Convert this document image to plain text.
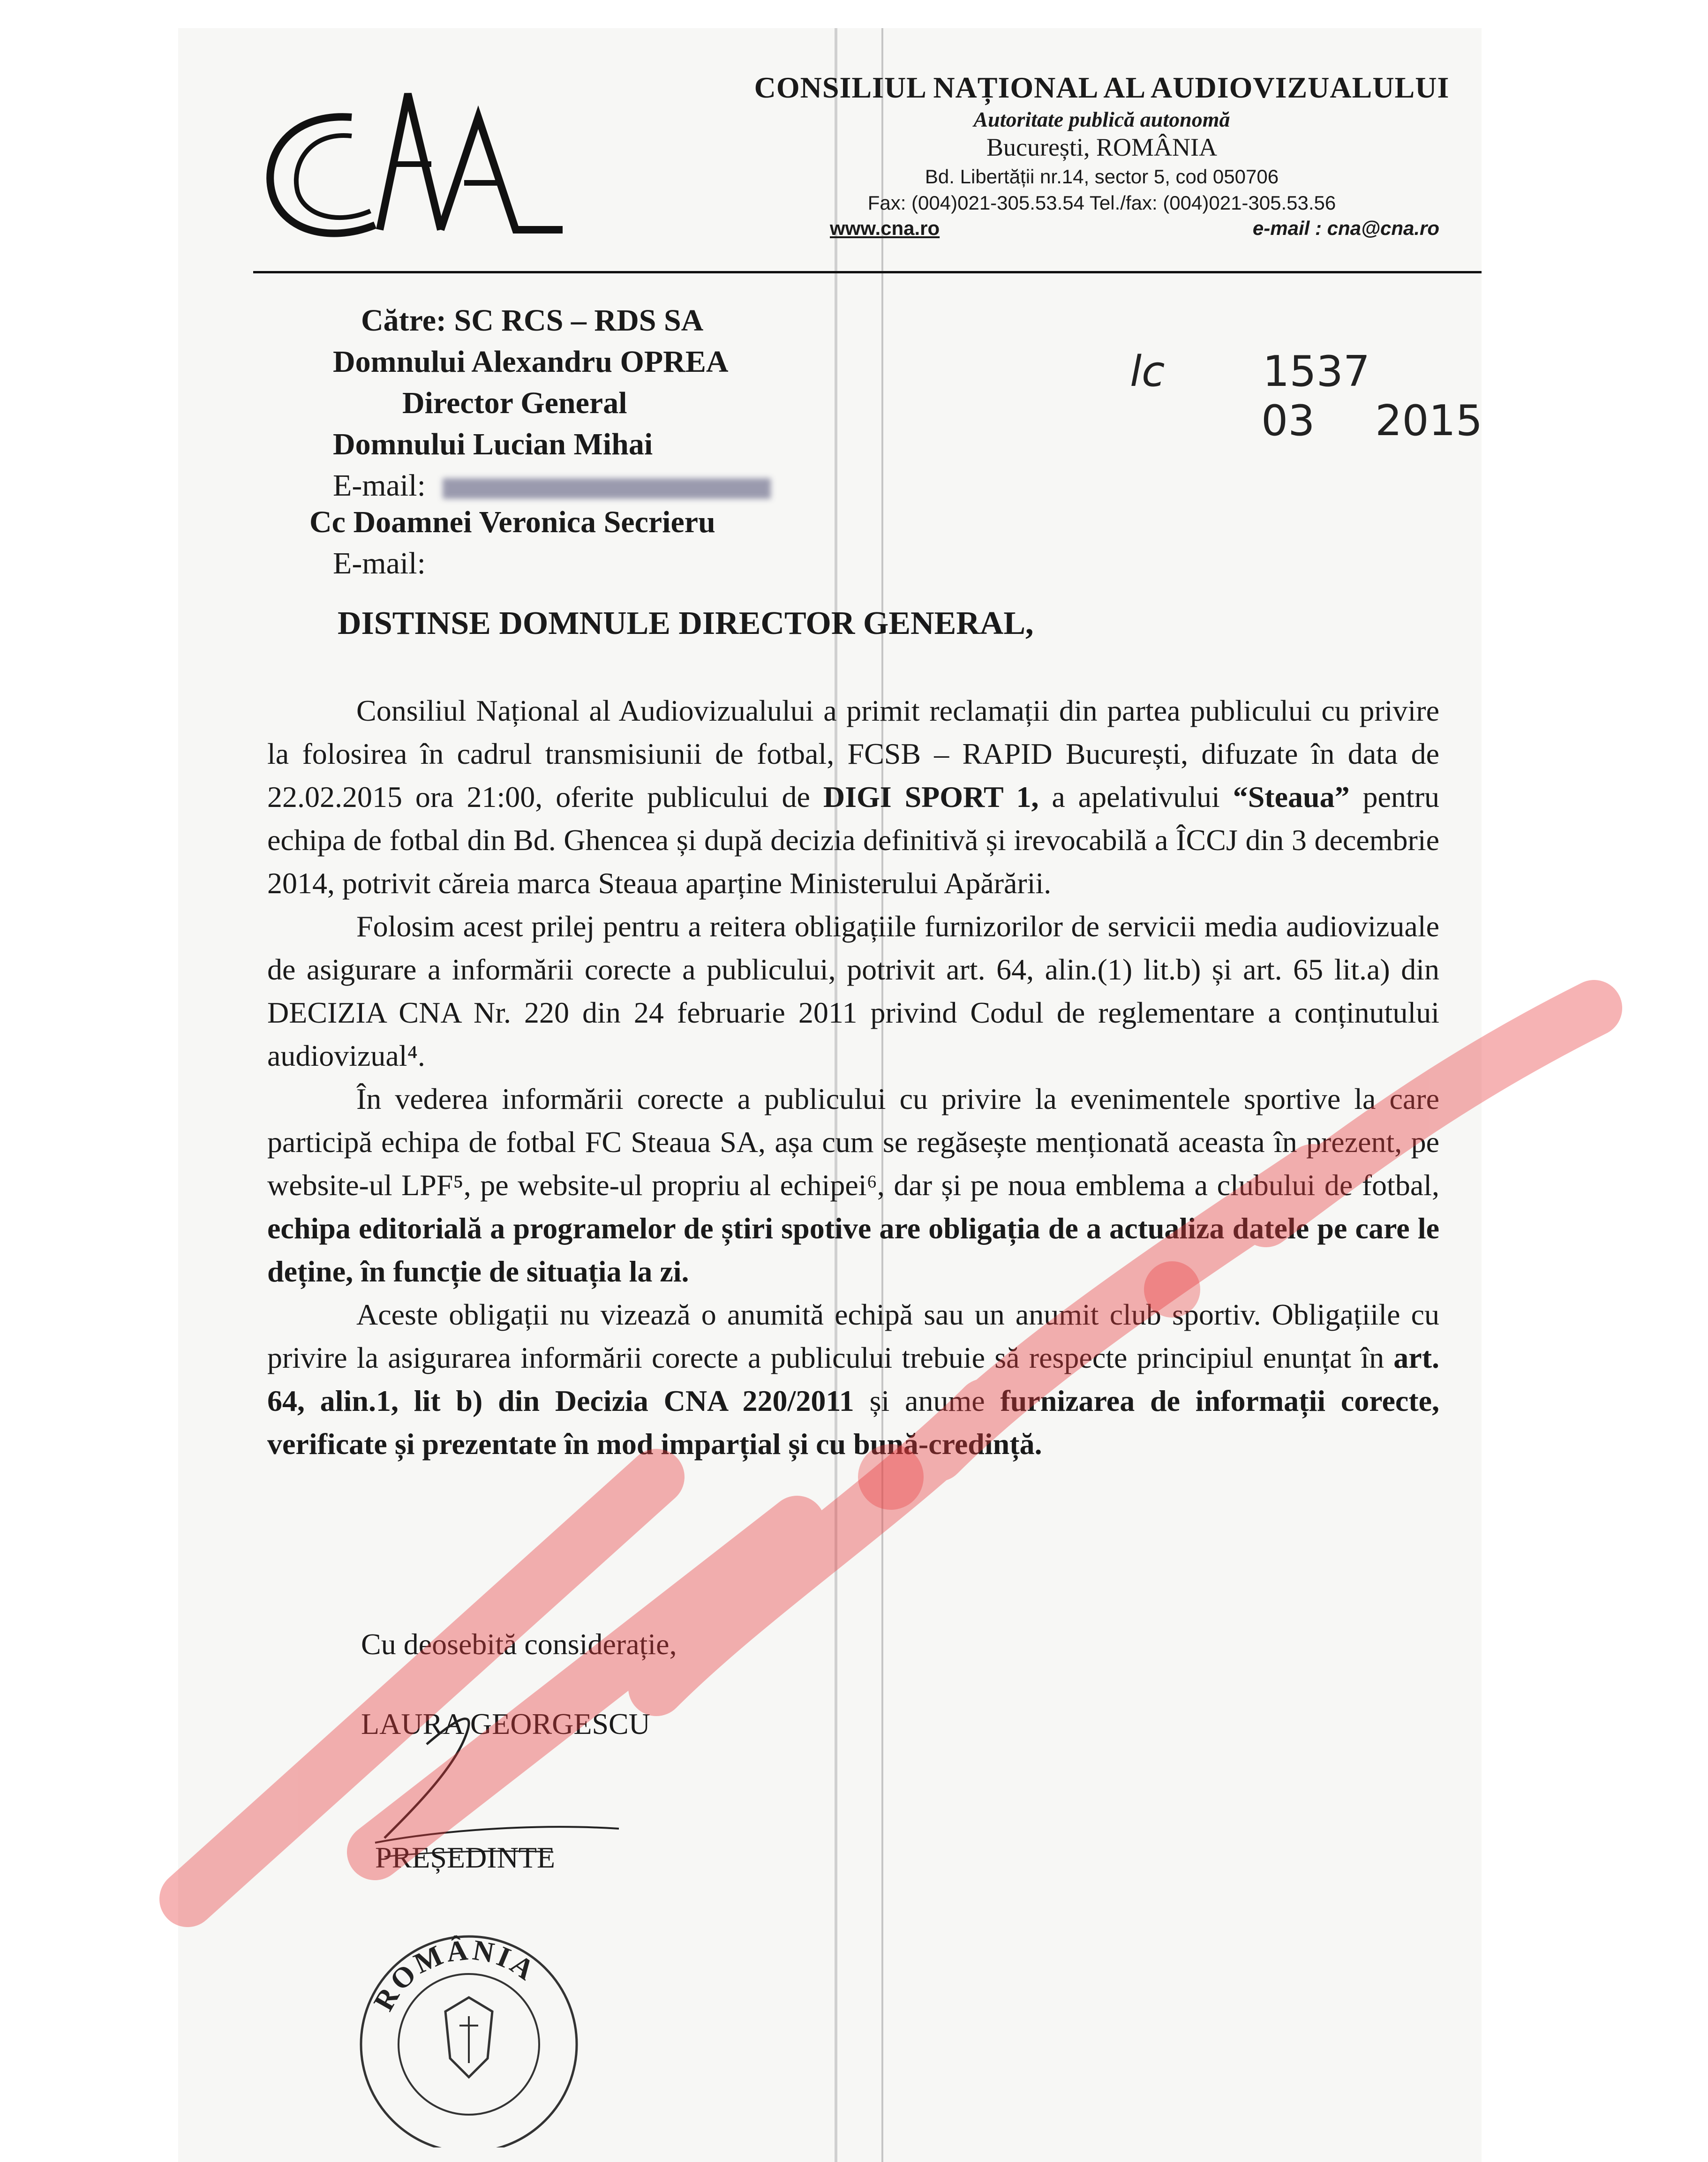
CONSILIUL NAȚIONAL AL AUDIOVIZUALULUI
Autoritate publică autonomă
București, ROMÂNIA
Bd. Libertății nr.14, sector 5, cod 050706
Fax: (004)021-305.53.54 Tel./fax: (004)021-305.53.56
www.cna.ro	e-mail : cna@cna.ro
lc 1537
03 2015
Către: SC RCS – RDS SA
Domnului Alexandru OPREA
Director General
Domnului Lucian Mihai
E-mail:
Cc Doamnei Veronica Secrieru
E-mail:
DISTINSE DOMNULE DIRECTOR GENERAL,

Consiliul Național al Audiovizualului a primit reclamații din partea publicului cu privire la folosirea în cadrul transmisiunii de fotbal, FCSB – RAPID București, difuzate în data de 22.02.2015 ora 21:00, oferite publicului de DIGI SPORT 1, a apelativului “Steaua” pentru echipa de fotbal din Bd. Ghencea și după decizia definitivă și irevocabilă a ÎCCJ din 3 decembrie 2014, potrivit căreia marca Steaua aparține Ministerului Apărării.

Folosim acest prilej pentru a reitera obligațiile furnizorilor de servicii media audiovizuale de asigurare a informării corecte a publicului, potrivit art. 64, alin.(1) lit.b) și art. 65 lit.a) din DECIZIA CNA Nr. 220 din 24 februarie 2011 privind Codul de reglementare a conținutului audiovizual⁴.

În vederea informării corecte a publicului cu privire la evenimentele sportive la care participă echipa de fotbal FC Steaua SA, așa cum se regăsește menționată aceasta în prezent, pe website-ul LPF⁵, pe website-ul propriu al echipei⁶, dar și pe noua emblema a clubului de fotbal, echipa editorială a programelor de știri spotive are obligația de a actualiza datele pe care le deține, în funcție de situația la zi.

Aceste obligații nu vizează o anumită echipă sau un anumit club sportiv. Obligațiile cu privire la asigurarea informării corecte a publicului trebuie să respecte principiul enunțat în art. 64, alin.1, lit b) din Decizia CNA 220/2011 și anume furnizarea de informații corecte, verificate și prezentate în mod imparțial și cu bună-credință.

Cu deosebită considerație,
LAURA GEORGESCU
PREȘEDINTE
ROMÂNIA
